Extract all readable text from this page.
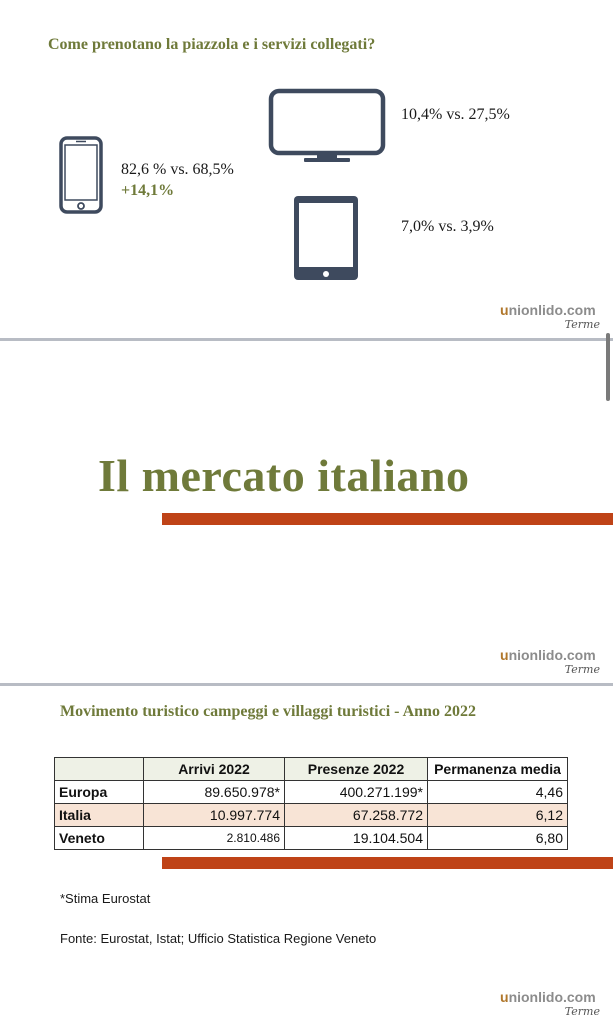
Come prenotano la piazzola e i servizi collegati?
82,6 % vs. 68,5%
+14,1%
10,4% vs. 27,5%
7,0% vs. 3,9%
unionlido.com
Terme
Il mercato italiano
unionlido.com
Terme
Movimento turistico campeggi e villaggi turistici - Anno 2022
	Arrivi 2022	Presenze 2022	Permanenza media
Europa	89.650.978*	400.271.199*	4,46
Italia	10.997.774	67.258.772	6,12
Veneto	2.810.486	19.104.504	6,80
*Stima Eurostat
Fonte: Eurostat, Istat; Ufficio Statistica Regione Veneto
unionlido.com
Terme
